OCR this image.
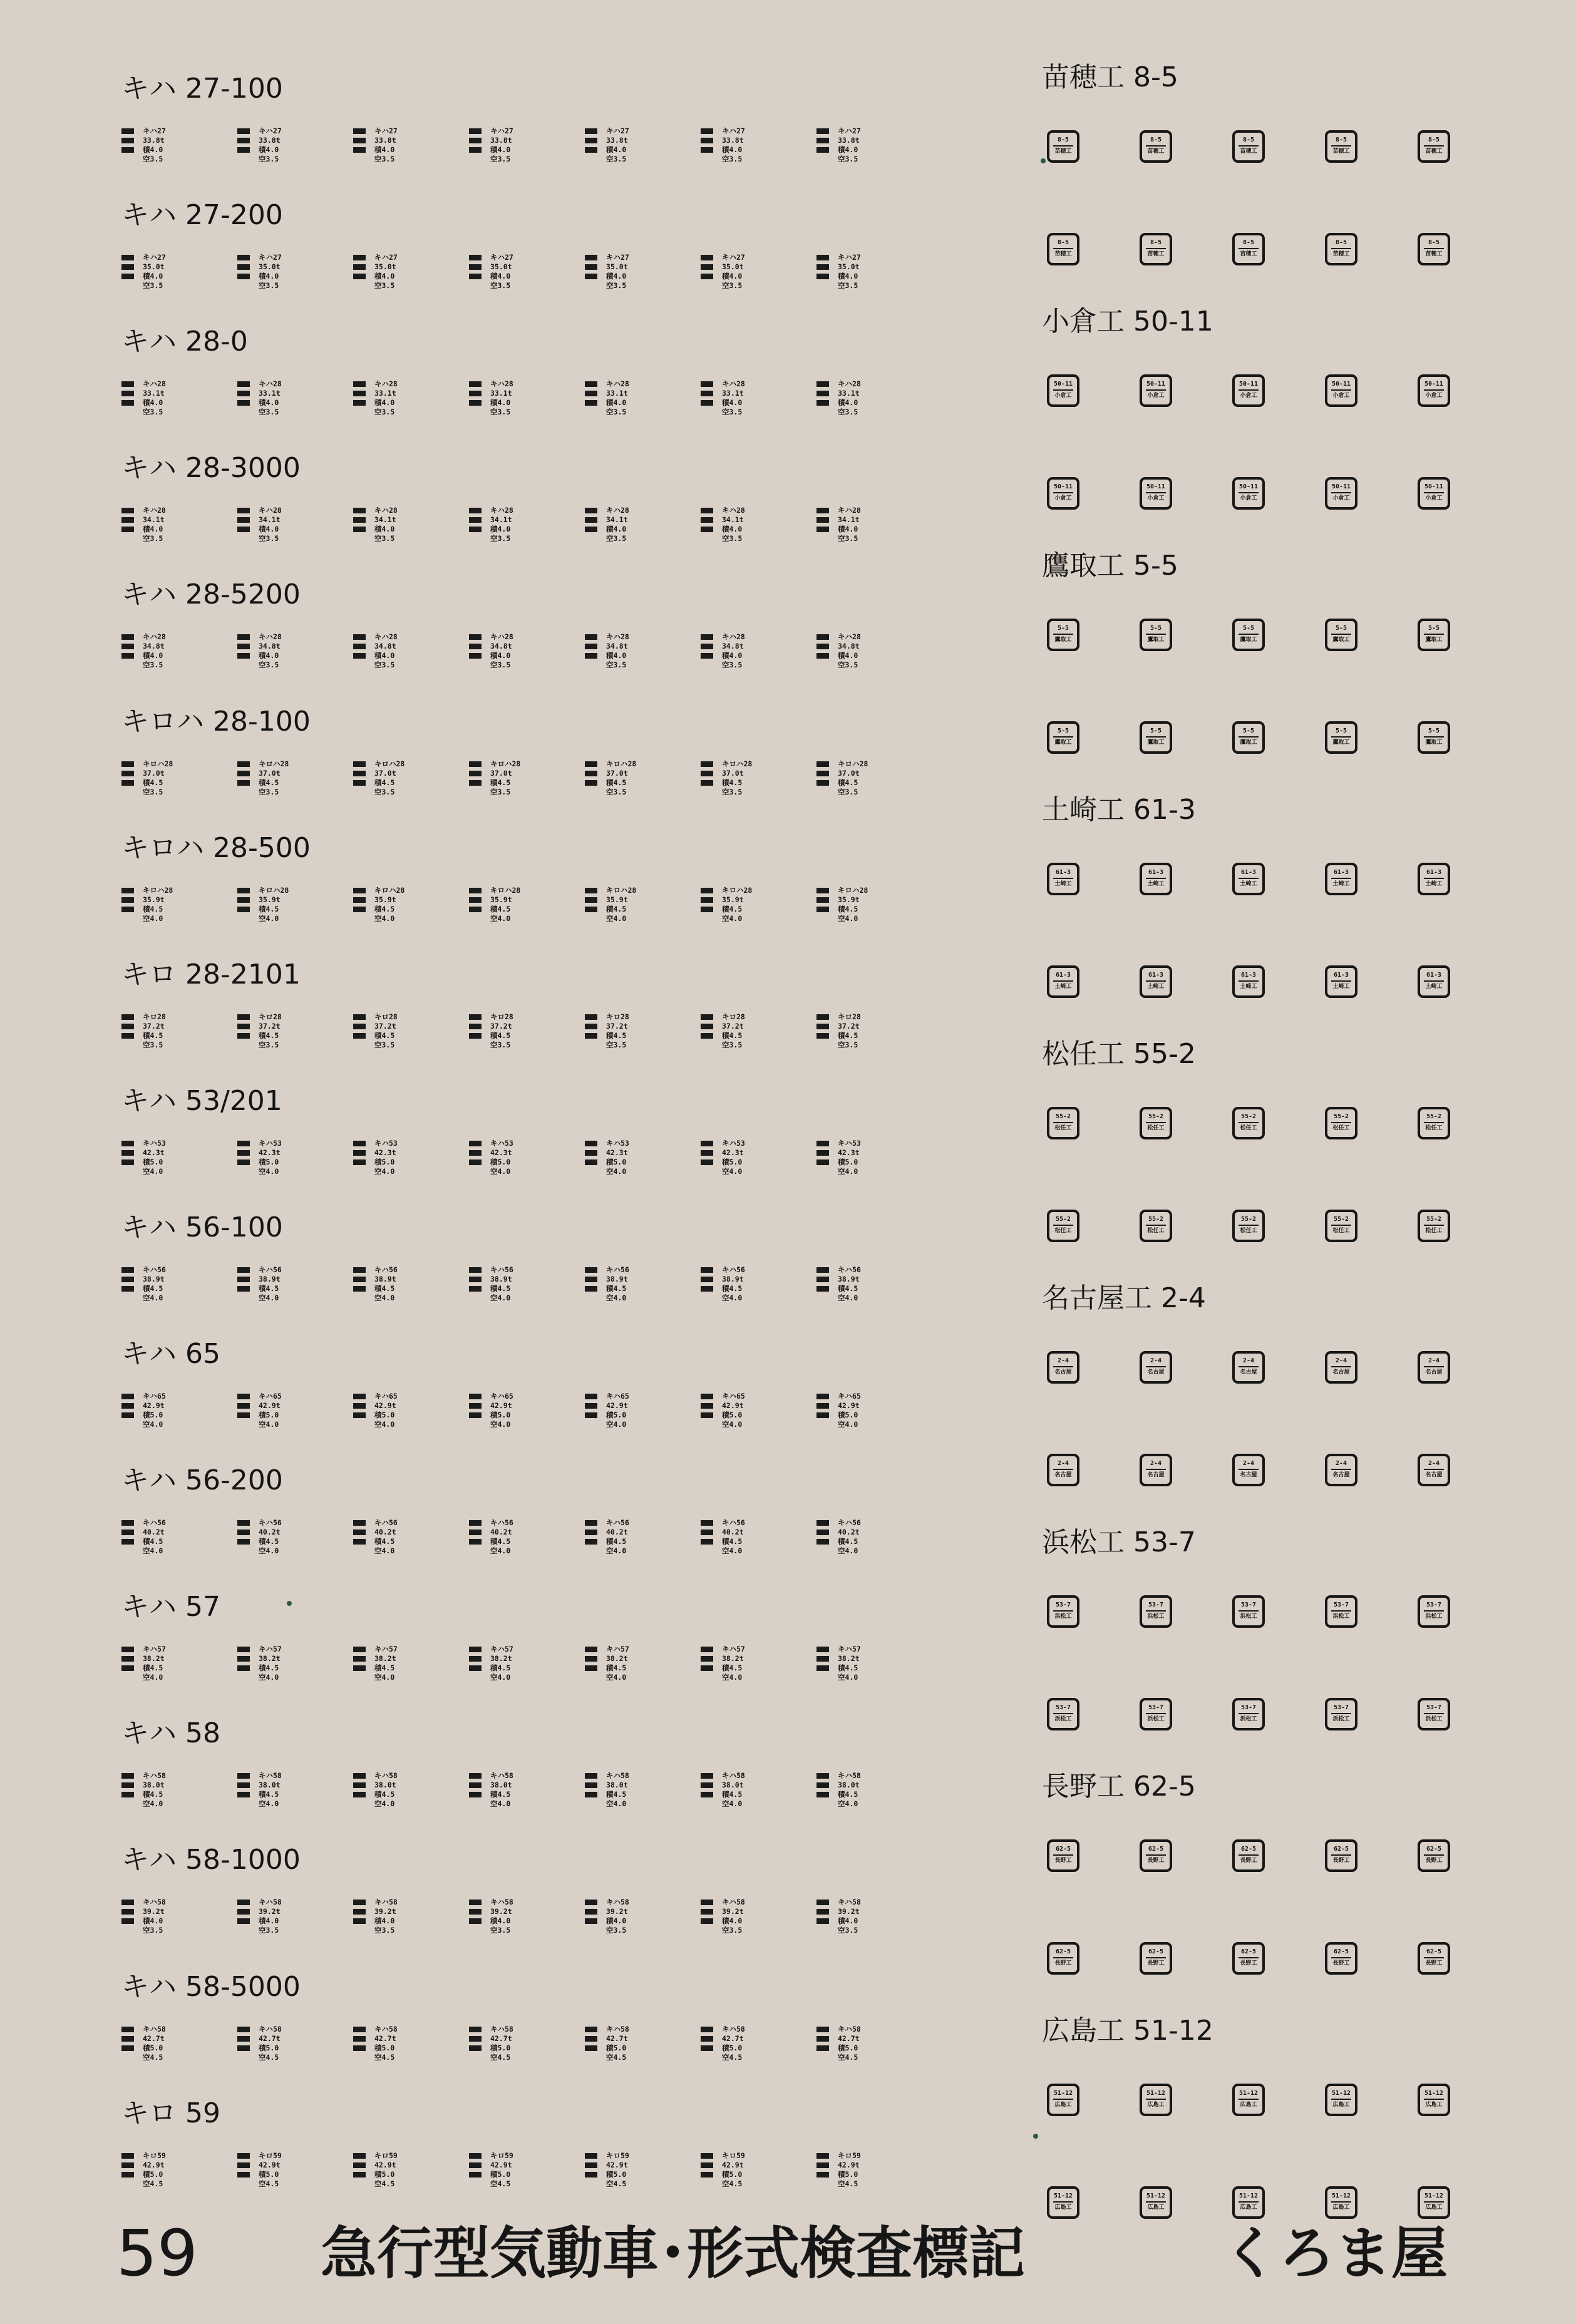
59 急行型気動車･形式検査標記	くろま屋
キハ 27-100
キハ27
33.8t
積4.0
空3.5
キハ27
33.8t
積4.0
空3.5
キハ27
33.8t
積4.0
空3.5
キハ27
33.8t
積4.0
空3.5
キハ27
33.8t
積4.0
空3.5
キハ27
33.8t
積4.0
空3.5
キハ27
33.8t
積4.0
空3.5
キハ 27-200
キハ27
35.0t
積4.0
空3.5
キハ27
35.0t
積4.0
空3.5
キハ27
35.0t
積4.0
空3.5
キハ27
35.0t
積4.0
空3.5
キハ27
35.0t
積4.0
空3.5
キハ27
35.0t
積4.0
空3.5
キハ27
35.0t
積4.0
空3.5
キハ 28-0
キハ28
33.1t
積4.0
空3.5
キハ28
33.1t
積4.0
空3.5
キハ28
33.1t
積4.0
空3.5
キハ28
33.1t
積4.0
空3.5
キハ28
33.1t
積4.0
空3.5
キハ28
33.1t
積4.0
空3.5
キハ28
33.1t
積4.0
空3.5
キハ 28-3000
キハ28
34.1t
積4.0
空3.5
キハ28
34.1t
積4.0
空3.5
キハ28
34.1t
積4.0
空3.5
キハ28
34.1t
積4.0
空3.5
キハ28
34.1t
積4.0
空3.5
キハ28
34.1t
積4.0
空3.5
キハ28
34.1t
積4.0
空3.5
キハ 28-5200
キハ28
34.8t
積4.0
空3.5
キハ28
34.8t
積4.0
空3.5
キハ28
34.8t
積4.0
空3.5
キハ28
34.8t
積4.0
空3.5
キハ28
34.8t
積4.0
空3.5
キハ28
34.8t
積4.0
空3.5
キハ28
34.8t
積4.0
空3.5
キロハ 28-100
キロハ28
37.0t
積4.5
空3.5
キロハ28
37.0t
積4.5
空3.5
キロハ28
37.0t
積4.5
空3.5
キロハ28
37.0t
積4.5
空3.5
キロハ28
37.0t
積4.5
空3.5
キロハ28
37.0t
積4.5
空3.5
キロハ28
37.0t
積4.5
空3.5
キロハ 28-500
キロハ28
35.9t
積4.5
空4.0
キロハ28
35.9t
積4.5
空4.0
キロハ28
35.9t
積4.5
空4.0
キロハ28
35.9t
積4.5
空4.0
キロハ28
35.9t
積4.5
空4.0
キロハ28
35.9t
積4.5
空4.0
キロハ28
35.9t
積4.5
空4.0
キロ 28-2101
キロ28
37.2t
積4.5
空3.5
キロ28
37.2t
積4.5
空3.5
キロ28
37.2t
積4.5
空3.5
キロ28
37.2t
積4.5
空3.5
キロ28
37.2t
積4.5
空3.5
キロ28
37.2t
積4.5
空3.5
キロ28
37.2t
積4.5
空3.5
キハ 53/201
キハ53
42.3t
積5.0
空4.0
キハ53
42.3t
積5.0
空4.0
キハ53
42.3t
積5.0
空4.0
キハ53
42.3t
積5.0
空4.0
キハ53
42.3t
積5.0
空4.0
キハ53
42.3t
積5.0
空4.0
キハ53
42.3t
積5.0
空4.0
キハ 56-100
キハ56
38.9t
積4.5
空4.0
キハ56
38.9t
積4.5
空4.0
キハ56
38.9t
積4.5
空4.0
キハ56
38.9t
積4.5
空4.0
キハ56
38.9t
積4.5
空4.0
キハ56
38.9t
積4.5
空4.0
キハ56
38.9t
積4.5
空4.0
キハ 65
キハ65
42.9t
積5.0
空4.0
キハ65
42.9t
積5.0
空4.0
キハ65
42.9t
積5.0
空4.0
キハ65
42.9t
積5.0
空4.0
キハ65
42.9t
積5.0
空4.0
キハ65
42.9t
積5.0
空4.0
キハ65
42.9t
積5.0
空4.0
キハ 56-200
キハ56
40.2t
積4.5
空4.0
キハ56
40.2t
積4.5
空4.0
キハ56
40.2t
積4.5
空4.0
キハ56
40.2t
積4.5
空4.0
キハ56
40.2t
積4.5
空4.0
キハ56
40.2t
積4.5
空4.0
キハ56
40.2t
積4.5
空4.0
キハ 57
キハ57
38.2t
積4.5
空4.0
キハ57
38.2t
積4.5
空4.0
キハ57
38.2t
積4.5
空4.0
キハ57
38.2t
積4.5
空4.0
キハ57
38.2t
積4.5
空4.0
キハ57
38.2t
積4.5
空4.0
キハ57
38.2t
積4.5
空4.0
キハ 58
キハ58
38.0t
積4.5
空4.0
キハ58
38.0t
積4.5
空4.0
キハ58
38.0t
積4.5
空4.0
キハ58
38.0t
積4.5
空4.0
キハ58
38.0t
積4.5
空4.0
キハ58
38.0t
積4.5
空4.0
キハ58
38.0t
積4.5
空4.0
キハ 58-1000
キハ58
39.2t
積4.0
空3.5
キハ58
39.2t
積4.0
空3.5
キハ58
39.2t
積4.0
空3.5
キハ58
39.2t
積4.0
空3.5
キハ58
39.2t
積4.0
空3.5
キハ58
39.2t
積4.0
空3.5
キハ58
39.2t
積4.0
空3.5
キハ 58-5000
キハ58
42.7t
積5.0
空4.5
キハ58
42.7t
積5.0
空4.5
キハ58
42.7t
積5.0
空4.5
キハ58
42.7t
積5.0
空4.5
キハ58
42.7t
積5.0
空4.5
キハ58
42.7t
積5.0
空4.5
キハ58
42.7t
積5.0
空4.5
キロ 59
キロ59
42.9t
積5.0
空4.5
キロ59
42.9t
積5.0
空4.5
キロ59
42.9t
積5.0
空4.5
キロ59
42.9t
積5.0
空4.5
キロ59
42.9t
積5.0
空4.5
キロ59
42.9t
積5.0
空4.5
キロ59
42.9t
積5.0
空4.5
苗穂工 8-5
8-5
苗穂工
8-5
苗穂工
8-5
苗穂工
8-5
苗穂工
8-5
苗穂工
8-5
苗穂工
8-5
苗穂工
8-5
苗穂工
8-5
苗穂工
8-5
苗穂工
小倉工 50-11
50-11
小倉工
50-11
小倉工
50-11
小倉工
50-11
小倉工
50-11
小倉工
50-11
小倉工
50-11
小倉工
50-11
小倉工
50-11
小倉工
50-11
小倉工
鷹取工 5-5
5-5
鷹取工
5-5
鷹取工
5-5
鷹取工
5-5
鷹取工
5-5
鷹取工
5-5
鷹取工
5-5
鷹取工
5-5
鷹取工
5-5
鷹取工
5-5
鷹取工
土崎工 61-3
61-3
土崎工
61-3
土崎工
61-3
土崎工
61-3
土崎工
61-3
土崎工
61-3
土崎工
61-3
土崎工
61-3
土崎工
61-3
土崎工
61-3
土崎工
松任工 55-2
55-2
松任工
55-2
松任工
55-2
松任工
55-2
松任工
55-2
松任工
55-2
松任工
55-2
松任工
55-2
松任工
55-2
松任工
55-2
松任工
名古屋工 2-4
2-4
名古屋
2-4
名古屋
2-4
名古屋
2-4
名古屋
2-4
名古屋
2-4
名古屋
2-4
名古屋
2-4
名古屋
2-4
名古屋
2-4
名古屋
浜松工 53-7
53-7
浜松工
53-7
浜松工
53-7
浜松工
53-7
浜松工
53-7
浜松工
53-7
浜松工
53-7
浜松工
53-7
浜松工
53-7
浜松工
53-7
浜松工
長野工 62-5
62-5
長野工
62-5
長野工
62-5
長野工
62-5
長野工
62-5
長野工
62-5
長野工
62-5
長野工
62-5
長野工
62-5
長野工
62-5
長野工
広島工 51-12
51-12
広島工
51-12
広島工
51-12
広島工
51-12
広島工
51-12
広島工
51-12
広島工
51-12
広島工
51-12
広島工
51-12
広島工
51-12
広島工
